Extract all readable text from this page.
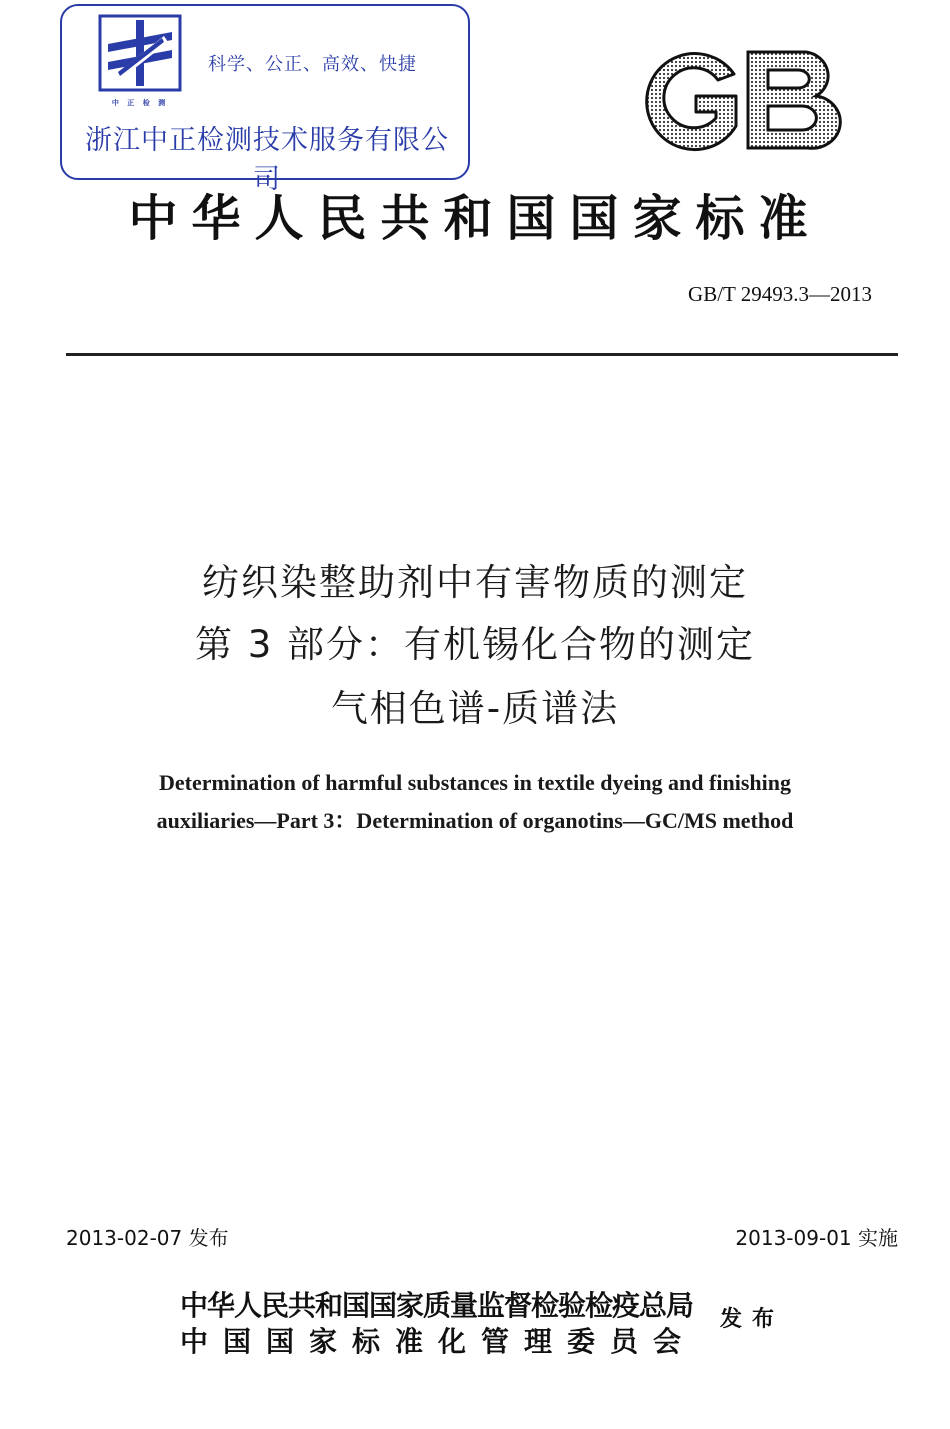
中 正 检 测
科学、公正、高效、快捷
浙江中正检测技术服务有限公司
中华人民共和国国家标准
GB/T 29493.3—2013
纺织染整助剂中有害物质的测定
第 3 部分：有机锡化合物的测定
气相色谱-质谱法
Determination of harmful substances in textile dyeing and finishing
auxiliaries—Part 3：Determination of organotins—GC/MS method
2013-02-07 发布	2013-09-01 实施
中华人民共和国国家质量监督检验检疫总局
中国国家标准化管理委员会
发布
